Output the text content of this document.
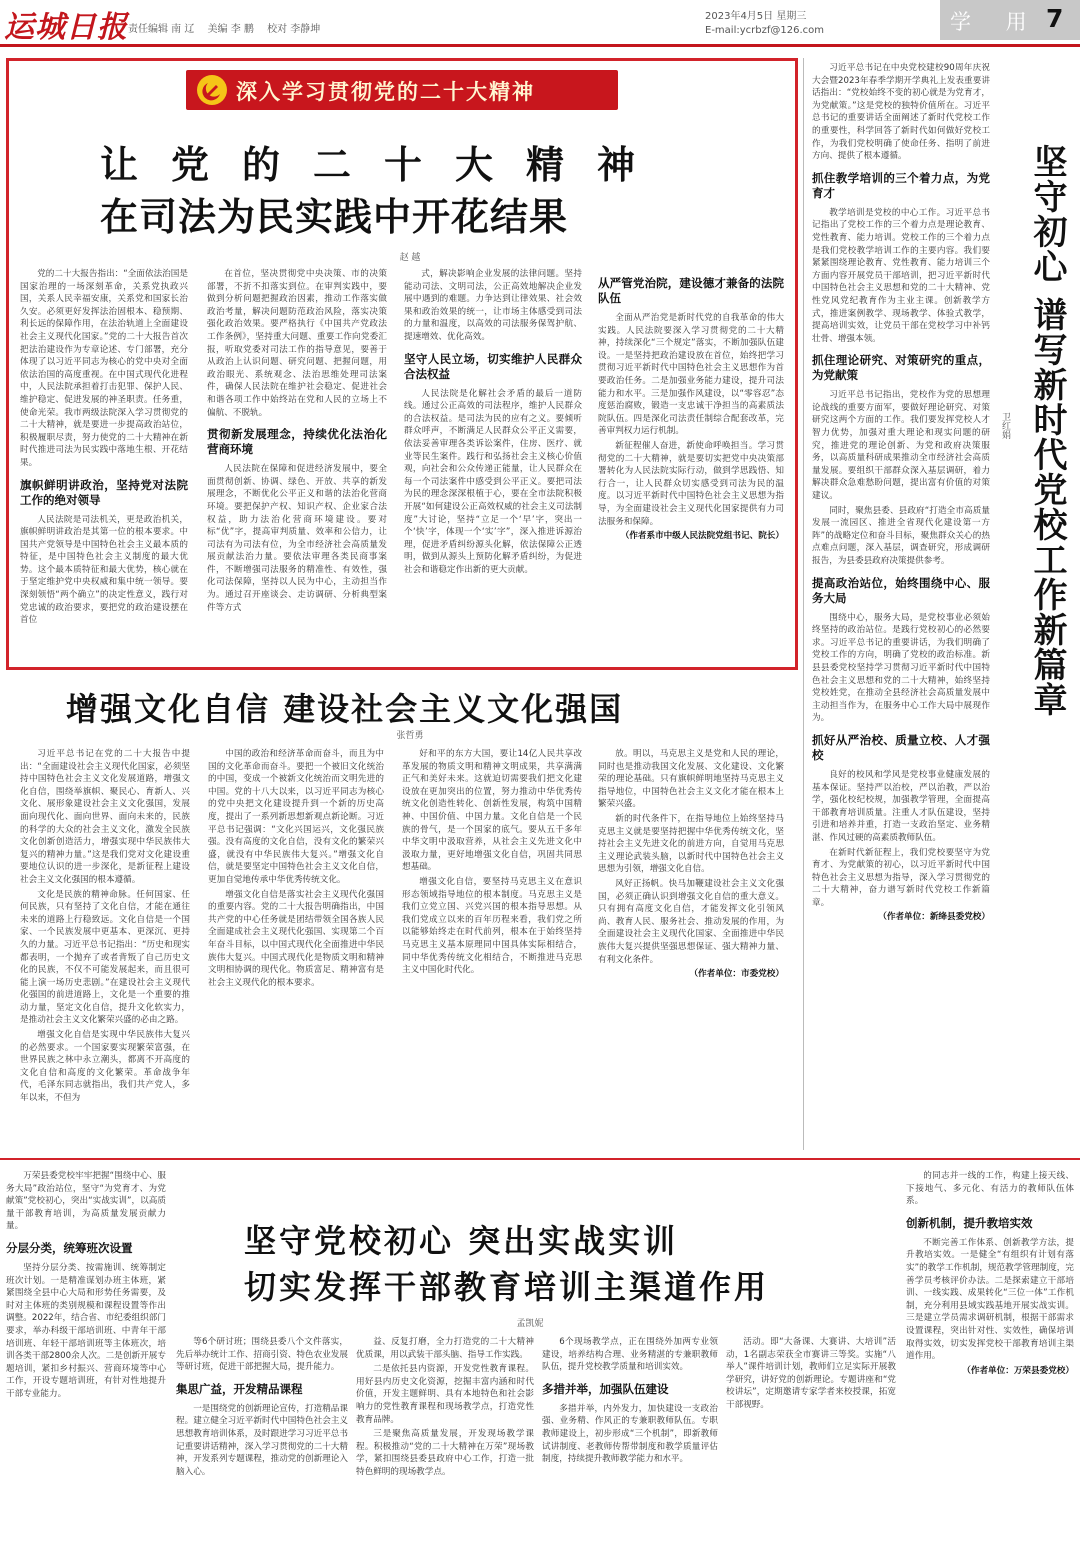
运城日报 责任编辑 南 辽 美编 李 鹏 校对 李静坤
2023年4月5日 星期三
E-mail:ycrbzf@126.com	学 用 7
深入学习贯彻党的二十大精神
让党的二十大精神
在司法为民实践中开花结果
赵 越

党的二十大报告指出：“全面依法治国是国家治理的一场深刻革命，关系党执政兴国，关系人民幸福安康，关系党和国家长治久安。必须更好发挥法治固根本、稳预期、利长远的保障作用，在法治轨道上全面建设社会主义现代化国家。”党的二十大报告首次把法治建设作为专章论述、专门部署，充分体现了以习近平同志为核心的党中央对全面依法治国的高度重视。在中国式现代化进程中，人民法院承担着打击犯罪、保护人民、维护稳定、促进发展的神圣职责。任务重，使命光荣。我市两级法院深入学习贯彻党的二十大精神，就是要进一步提高政治站位，积极履职尽责，努力使党的二十大精神在新时代推进司法为民实践中落地生根、开花结果。

旗帜鲜明讲政治，坚持党对法院工作的绝对领导

人民法院是司法机关，更是政治机关，旗帜鲜明讲政治是其第一位的根本要求。中国共产党领导是中国特色社会主义最本质的特征，是中国特色社会主义制度的最大优势。这个最本质特征和最大优势，核心就在于坚定维护党中央权威和集中统一领导。要深刻领悟“两个确立”的决定性意义，践行对党忠诚的政治要求，要把党的政治建设摆在首位

在首位，坚决贯彻党中央决策、市的决策部署，不折不扣落实到位。在审判实践中，要做到分析问题把握政治因素，推动工作落实做政治考量，解决问题防范政治风险，落实决策强化政治效果。要严格执行《中国共产党政法工作条例》，坚持重大问题、重要工作向党委汇报，听取党委对司法工作的指导意见，要善于从政治上认识问题、研究问题、把握问题，用政治眼光、系统观念、法治思维处理司法案件，确保人民法院在维护社会稳定、促进社会和谐各项工作中始终站在党和人民的立场上不偏航、不脱轨。

贯彻新发展理念，持续优化法治化营商环境

人民法院在保障和促进经济发展中，要全面贯彻创新、协调、绿色、开放、共享的新发展理念，不断优化公平正义和谐的法治化营商环境。要把保护产权、知识产权、企业家合法权益，助力法治化营商环境建设。要对标“优”字，提高审判质量、效率和公信力，让司法有为司法有位，为全市经济社会高质量发展贡献法治力量。要依法审理各类民商事案件，不断增强司法服务的精准性、有效性，强化司法保障，坚持以人民为中心，主动担当作为。通过召开座谈会、走访调研、分析典型案件等方式

式，解决影响企业发展的法律问题。坚持能动司法、文明司法，公正高效地解决企业发展中遇到的难题。力争达到让律效果、社会效果和政治效果的统一，让市场主体感受到司法的力量和温度，以高效的司法服务保驾护航、提速增效、优化高效。

坚守人民立场，切实维护人民群众合法权益

人民法院是化解社会矛盾的最后一道防线。通过公正高效的司法程序，维护人民群众的合法权益。是司法为民的应有之义。要倾听群众呼声，不断满足人民群众公平正义需要，依法妥善审理各类诉讼案件，住房、医疗、就业等民生案件。践行和弘扬社会主义核心价值观，向社会和公众传递正能量，让人民群众在每一个司法案件中感受到公平正义。要把司法为民的理念深深根植于心，要在全市法院积极开展“如何建设公正高效权威的社会主义司法制度”大讨论，坚持“立足一个‘早’字，突出一个‘快’字，体现一个‘实’字”，深入推进诉源治理，促进矛盾纠纷源头化解，依法保障公正透明，做到从源头上预防化解矛盾纠纷，为促进社会和谐稳定作出新的更大贡献。

从严管党治院，建设德才兼备的法院队伍

全面从严治党是新时代党的自我革命的伟大实践。人民法院要深入学习贯彻党的二十大精神，持续深化“三个规定”落实，不断加强队伍建设。一是坚持把政治建设放在首位，始终把学习贯彻习近平新时代中国特色社会主义思想作为首要政治任务。二是加强业务能力建设，提升司法能力和水平。三是加强作风建设，以“零容忍”态度惩治腐败，锻造一支忠诚干净担当的高素质法院队伍。四是深化司法责任制综合配套改革，完善审判权力运行机制。

新征程催人奋进，新使命呼唤担当。学习贯彻党的二十大精神，就是要切实把党中央决策部署转化为人民法院实际行动，做到学思践悟、知行合一，让人民群众切实感受到司法为民的温度。以习近平新时代中国特色社会主义思想为指导，为全面建设社会主义现代化国家提供有力司法服务和保障。

（作者系市中级人民法院党组书记、院长）

增强文化自信 建设社会主义文化强国
张哲勇

习近平总书记在党的二十大报告中提出：“全面建设社会主义现代化国家，必须坚持中国特色社会主义文化发展道路，增强文化自信，围绕举旗帜、聚民心、育新人、兴文化、展形象建设社会主义文化强国，发展面向现代化、面向世界、面向未来的，民族的科学的大众的社会主义文化，激发全民族文化创新创造活力，增强实现中华民族伟大复兴的精神力量。”这是我们党对文化建设重要地位认识的进一步深化，是新征程上建设社会主义文化强国的根本遵循。

文化是民族的精神命脉。任何国家、任何民族，只有坚持了文化自信，才能在通往未来的道路上行稳致远。文化自信是一个国家、一个民族发展中更基本、更深沉、更持久的力量。习近平总书记指出：“历史和现实都表明，一个抛弃了或者背叛了自己历史文化的民族，不仅不可能发展起来，而且很可能上演一场历史悲剧。”在建设社会主义现代化强国的前进道路上，文化是一个重要的推动力量，坚定文化自信，提升文化软实力，是推动社会主义文化繁荣兴盛的必由之路。

增强文化自信是实现中华民族伟大复兴的必然要求。一个国家要实现繁荣富强，在世界民族之林中永立潮头，都离不开高度的文化自信和高度的文化繁荣。革命战争年代，毛泽东同志就指出，我们共产党人，多年以来，不但为

中国的政治和经济革命而奋斗，而且为中国的文化革命而奋斗。要把一个被旧文化统治的中国，变成一个被新文化统治而文明先进的中国。党的十八大以来，以习近平同志为核心的党中央把文化建设提升到一个新的历史高度，提出了一系列新思想新观点新论断。习近平总书记强调：“文化兴国运兴，文化强民族强。没有高度的文化自信，没有文化的繁荣兴盛，就没有中华民族伟大复兴。”增强文化自信，就是要坚定中国特色社会主义文化自信，更加自觉地传承中华优秀传统文化。

增强文化自信是落实社会主义现代化强国的重要内容。党的二十大报告明确指出，中国共产党的中心任务就是团结带领全国各族人民全面建成社会主义现代化强国、实现第二个百年奋斗目标，以中国式现代化全面推进中华民族伟大复兴。中国式现代化是物质文明和精神文明相协调的现代化。物质富足、精神富有是社会主义现代化的根本要求。

好和平的东方大国，要让14亿人民共享改革发展的物质文明和精神文明成果，共享满满正气和美好未来。这就迫切需要我们把文化建设放在更加突出的位置，努力推动中华优秀传统文化创造性转化、创新性发展，构筑中国精神、中国价值、中国力量。文化自信是一个民族的骨气，是一个国家的底气。要从五千多年中华文明中汲取营养，从社会主义先进文化中汲取力量，更好地增强文化自信，巩固共同思想基础。

增强文化自信，要坚持马克思主义在意识形态领域指导地位的根本制度。马克思主义是我们立党立国、兴党兴国的根本指导思想。从我们党成立以来的百年历程来看，我们党之所以能够始终走在时代前列，根本在于始终坚持马克思主义基本原理同中国具体实际相结合，同中华优秀传统文化相结合，不断推进马克思主义中国化时代化。

放。明以，马克思主义是党和人民的理论，同时也是推动我国文化发展、文化建设、文化繁荣的理论基础。只有旗帜鲜明地坚持马克思主义指导地位，中国特色社会主义文化才能在根本上繁荣兴盛。

新的时代条件下，在指导地位上始终坚持马克思主义就是要坚持把握中华优秀传统文化，坚持社会主义先进文化的前进方向，自觉用马克思主义理论武装头脑，以新时代中国特色社会主义思想为引领，增强文化自信。

风好正扬帆。快马加鞭建设社会主义文化强国，必须正确认识到增强文化自信的重大意义。只有拥有高度文化自信，才能发挥文化引领风尚、教育人民、服务社会、推动发展的作用，为全面建设社会主义现代化国家、全面推进中华民族伟大复兴提供坚强思想保证、强大精神力量、有利文化条件。

（作者单位：市委党校）

习近平总书记在中央党校建校90周年庆祝大会暨2023年春季学期开学典礼上发表重要讲话指出：“党校始终不变的初心就是为党育才，为党献策。”这是党校的独特价值所在。习近平总书记的重要讲话全面阐述了新时代党校工作的重要性，科学回答了新时代如何做好党校工作，为我们党校明确了使命任务、指明了前进方向、提供了根本遵循。

抓住教学培训的三个着力点，为党育才

教学培训是党校的中心工作。习近平总书记指出了党校工作的三个着力点是理论教育、党性教育、能力培训。党校工作的三个着力点是我们党校教学培训工作的主要内容。我们要紧紧围绕理论教育、党性教育、能力培训三个方面内容开展党员干部培训，把习近平新时代中国特色社会主义思想和党的二十大精神、党性党风党纪教育作为主业主课。创新教学方式，推进案例教学、现场教学、体验式教学，提高培训实效，让党员干部在党校学习中补钙壮骨、增强本领。

抓住理论研究、对策研究的重点，为党献策

习近平总书记指出，党校作为党的思想理论战线的重要方面军，要做好理论研究、对策研究这两个方面的工作。我们要发挥党校人才智力优势，加强对重大理论和现实问题的研究，推进党的理论创新、为党和政府决策服务，以高质量科研成果推动全市经济社会高质量发展。要组织干部群众深入基层调研，着力解决群众急难愁盼问题，提出富有价值的对策建议。

同时，聚焦县委、县政府“打造全市高质量发展一流园区、推进全省现代化建设第一方阵”的战略定位和奋斗目标，聚焦群众关心的热点难点问题，深入基层，调查研究，形成调研报告，为县委县政府决策提供参考。

提高政治站位，始终围绕中心、服务大局

围绕中心，服务大局，是党校事业必须始终坚持的政治站位。是践行党校初心的必然要求。习近平总书记的重要讲话，为我们明确了党校工作的方向，明确了党校的政治标准。新县县委党校坚持学习贯彻习近平新时代中国特色社会主义思想和党的二十大精神，始终坚持党校姓党，在推动全县经济社会高质量发展中主动担当作为，在服务中心工作大局中展现作为。

抓好从严治校、质量立校、人才强校

良好的校风和学风是党校事业健康发展的基本保证。坚持严以治校，严以治教，严以治学，强化校纪校规，加强教学管理，全面提高干部教育培训质量。注重人才队伍建设，坚持引进和培养并重，打造一支政治坚定、业务精湛、作风过硬的高素质教师队伍。

在新时代新征程上，我们党校要坚守为党育才、为党献策的初心，以习近平新时代中国特色社会主义思想为指导，深入学习贯彻党的二十大精神，奋力谱写新时代党校工作新篇章。

（作者单位：新绛县委党校）

坚守初心 谱写新时代党校工作新篇章
卫红娟

万荣县委党校牢牢把握“围绕中心、服务大局”政治站位，坚守“为党育才、为党献策”党校初心，突出“实战实训”，以高质量干部教育培训，为高质量发展贡献力量。

分层分类，统筹班次设置

坚持分层分类、按需施训、统筹制定班次计划。一是精准谋划办班主体班，紧紧围绕全县中心大局和形势任务需要，及时对主体班的类别规模和课程设置等作出调整。2022年，结合省、市纪委组织部门要求，举办科级干部培训班、中青年干部培训班、年轻干部培训班等主体班次，培训各类干部2800余人次。二是创新开展专题培训，紧扣乡村振兴、营商环境等中心工作，开设专题培训班，有针对性地提升干部专业能力。

坚守党校初心 突出实战实训
切实发挥干部教育培训主渠道作用
孟凯妮

等6个研讨班；围绕县委八个文件落实，先后举办统计工作、招商引资、特色农业发展等研讨班，促进干部把握大局，提升能力。

集思广益，开发精品课程

一是围绕党的创新理论宣传，打造精品课程。建立健全习近平新时代中国特色社会主义思想教育培训体系，及时跟进学习习近平总书记重要讲话精神，深入学习贯彻党的二十大精神，开发系列专题课程，推动党的创新理论入脑入心。

益、反复打磨，全力打造党的二十大精神优质课，用以武装干部头脑、指导工作实践。

二是依托县内资源，开发党性教育课程。用好县内历史文化资源，挖掘丰富内涵和时代价值，开发主题鲜明、具有本地特色和社会影响力的党性教育课程和现场教学点，打造党性教育品牌。

三是聚焦高质量发展，开发现场教学课程。积极推动“党的二十大精神在万荣”现场教学，紧扣围绕县委县政府中心工作，打造一批特色鲜明的现场教学点。

6个现场教学点，正在围绕外加两专业领建设，培养结构合理、业务精湛的专兼职教师队伍，提升党校教学质量和培训实效。

多措并举，加强队伍建设

多措并举，内外发力，加快建设一支政治强、业务精、作风正的专兼职教师队伍。专职教师建设上，初步形成“三个机制”，即新教师试讲制度、老教师传帮带制度和教学质量评估制度，持续提升教师教学能力和水平。

活动。即“大备课、大赛讲、大培训”活动，1名副志荣获全市赛讲三等奖。实施“八举人”课件培训计划，教师们立足实际开展教学研究，讲好党的创新理论。专题讲座和“党校讲坛”，定期邀请专家学者来校授课，拓宽干部视野。

的同志并一线的工作，构建上接天线、下接地气、多元化、有活力的教师队伍体系。

创新机制，提升教培实效

不断完善工作体系、创新教学方法，提升教培实效。一是健全“有组织有计划有落实”的教学工作机制，规范教学管理制度，完善学员考核评价办法。二是探索建立干部培训、一线实践、成果转化“三位一体”工作机制，充分利用县域实践基地开展实战实训。三是建立学员需求调研机制，根据干部需求设置课程，突出针对性、实效性，确保培训取得实效，切实发挥党校干部教育培训主渠道作用。

（作者单位：万荣县委党校）
